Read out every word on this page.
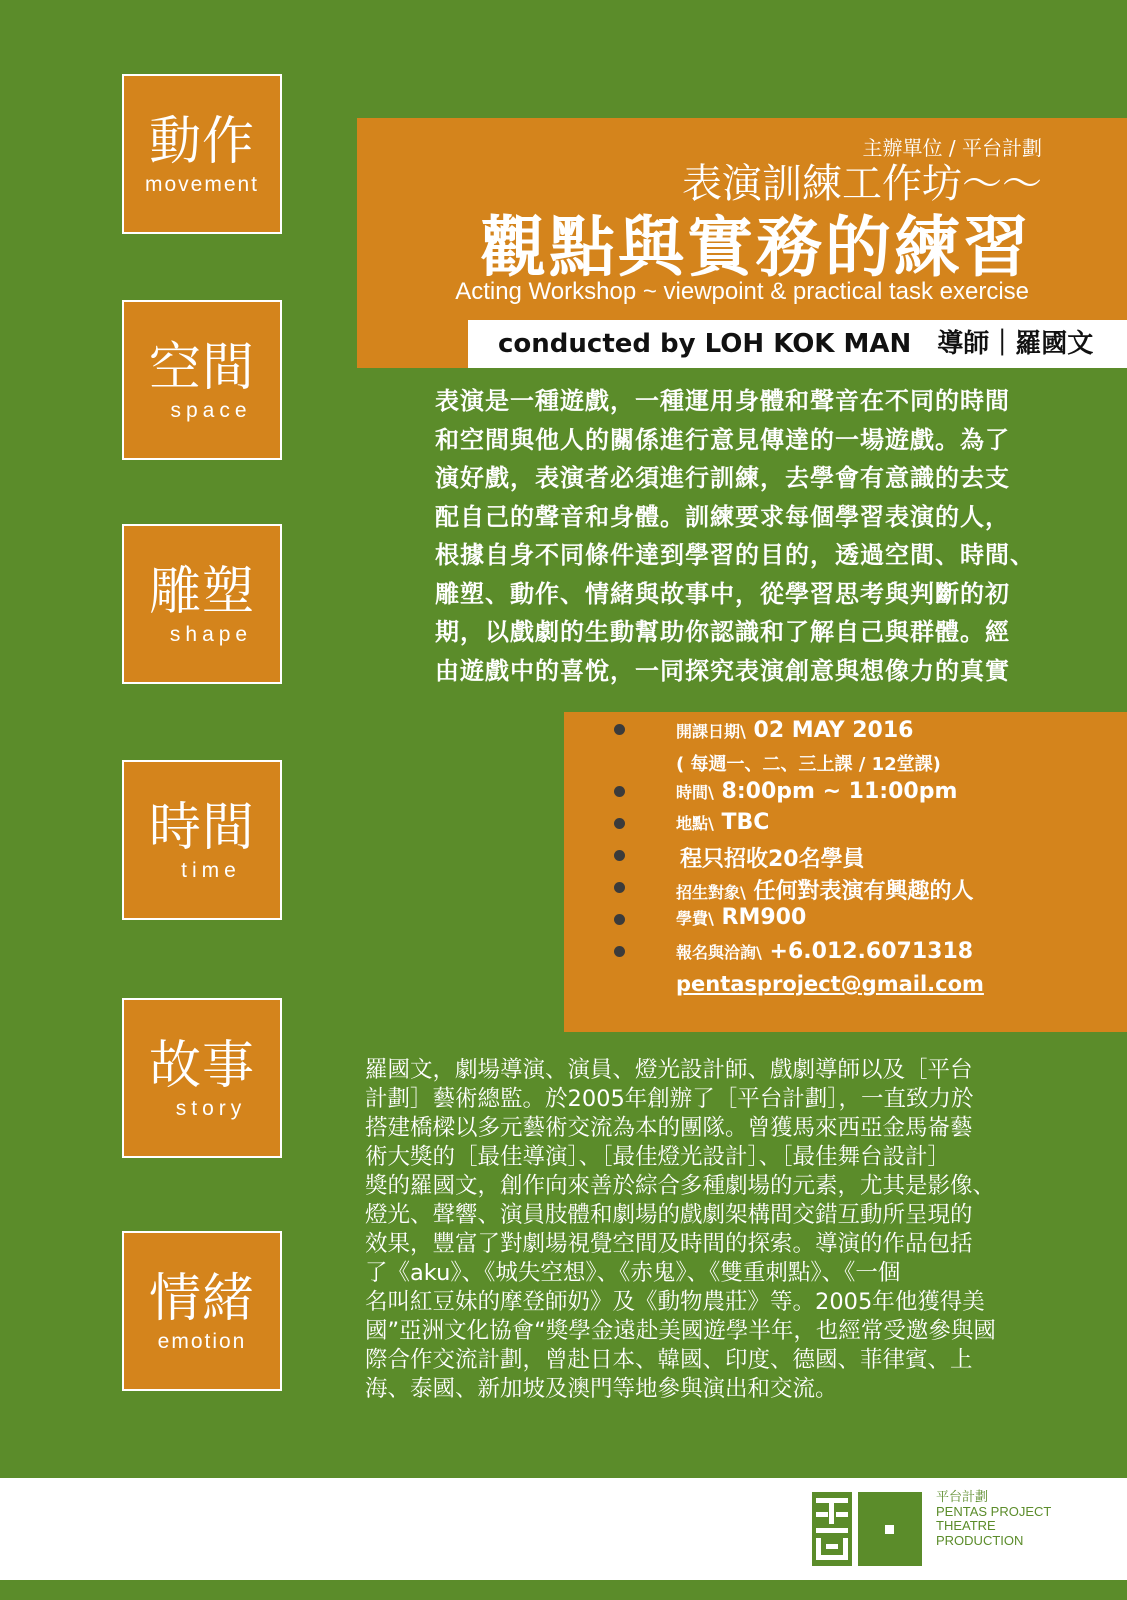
動作
movement
空間
space
雕塑
shape
時間
time
故事
story
情緒
emotion
主辦單位 / 平台計劃
表演訓練工作坊～～
觀點與實務的練習
Acting Workshop ~ viewpoint & practical task exercise
conducted by LOH KOK MAN　導師｜羅國文
表演是一種遊戲，一種運用身體和聲音在不同的時間
和空間與他人的關係進行意見傳達的一場遊戲。為了
演好戲，表演者必須進行訓練，去學會有意識的去支
配自己的聲音和身體。訓練要求每個學習表演的人，
根據自身不同條件達到學習的目的，透過空間、時間、
雕塑、動作、情緒與故事中，從學習思考與判斷的初
期，以戲劇的生動幫助你認識和了解自己與群體。經
由遊戲中的喜悅，一同探究表演創意與想像力的真實
開課日期\ 02 MAY 2016
( 每週一、二、三上課 / 12堂課)
時間\ 8:00pm ~ 11:00pm
地點\ TBC
程只招收20名學員
招生對象\ 任何對表演有興趣的人
學費\ RM900
報名與洽詢\ +6.012.6071318
pentasproject@gmail.com
羅國文，劇場導演、演員、燈光設計師、戲劇導師以及［平台
計劃］藝術總監。於2005年創辦了［平台計劃］，一直致力於
搭建橋樑以多元藝術交流為本的團隊。曾獲馬來西亞金馬崙藝
術大獎的［最佳導演］、［最佳燈光設計］、［最佳舞台設計］
獎的羅國文，創作向來善於綜合多種劇場的元素，尤其是影像、
燈光、聲響、演員肢體和劇場的戲劇架構間交錯互動所呈現的
效果，豐富了對劇場視覺空間及時間的探索。導演的作品包括
了《aku》、《城失空想》、《赤鬼》、《雙重刺點》、《一個
名叫紅豆妹的摩登師奶》及《動物農莊》等。2005年他獲得美
國”亞洲文化協會“獎學金遠赴美國遊學半年，也經常受邀參與國
際合作交流計劃，曾赴日本、韓國、印度、德國、菲律賓、上
海、泰國、新加坡及澳門等地參與演出和交流。
平台計劃
PENTAS PROJECT
THEATRE
PRODUCTION
